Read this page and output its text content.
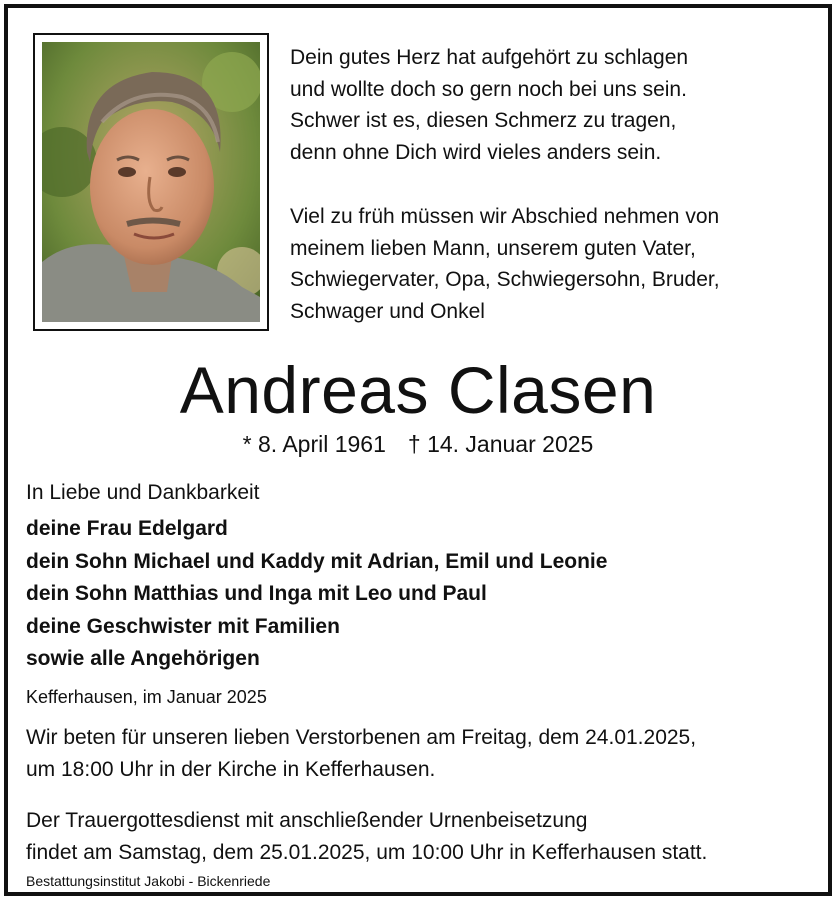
Dein gutes Herz hat aufgehört zu schlagen
und wollte doch so gern noch bei uns sein.
Schwer ist es, diesen Schmerz zu tragen,
denn ohne Dich wird vieles anders sein.
Viel zu früh müssen wir Abschied nehmen von
meinem lieben Mann, unserem guten Vater,
Schwiegervater, Opa, Schwiegersohn, Bruder,
Schwager und Onkel
Andreas Clasen
* 8. April 1961 † 14. Januar 2025
In Liebe und Dankbarkeit
deine Frau Edelgard
dein Sohn Michael und Kaddy mit Adrian, Emil und Leonie
dein Sohn Matthias und Inga mit Leo und Paul
deine Geschwister mit Familien
sowie alle Angehörigen
Kefferhausen, im Januar 2025
Wir beten für unseren lieben Verstorbenen am Freitag, dem 24.01.2025,
um 18:00 Uhr in der Kirche in Kefferhausen.
Der Trauergottesdienst mit anschließender Urnenbeisetzung
findet am Samstag, dem 25.01.2025, um 10:00 Uhr in Kefferhausen statt.
Bestattungsinstitut Jakobi - Bickenriede
